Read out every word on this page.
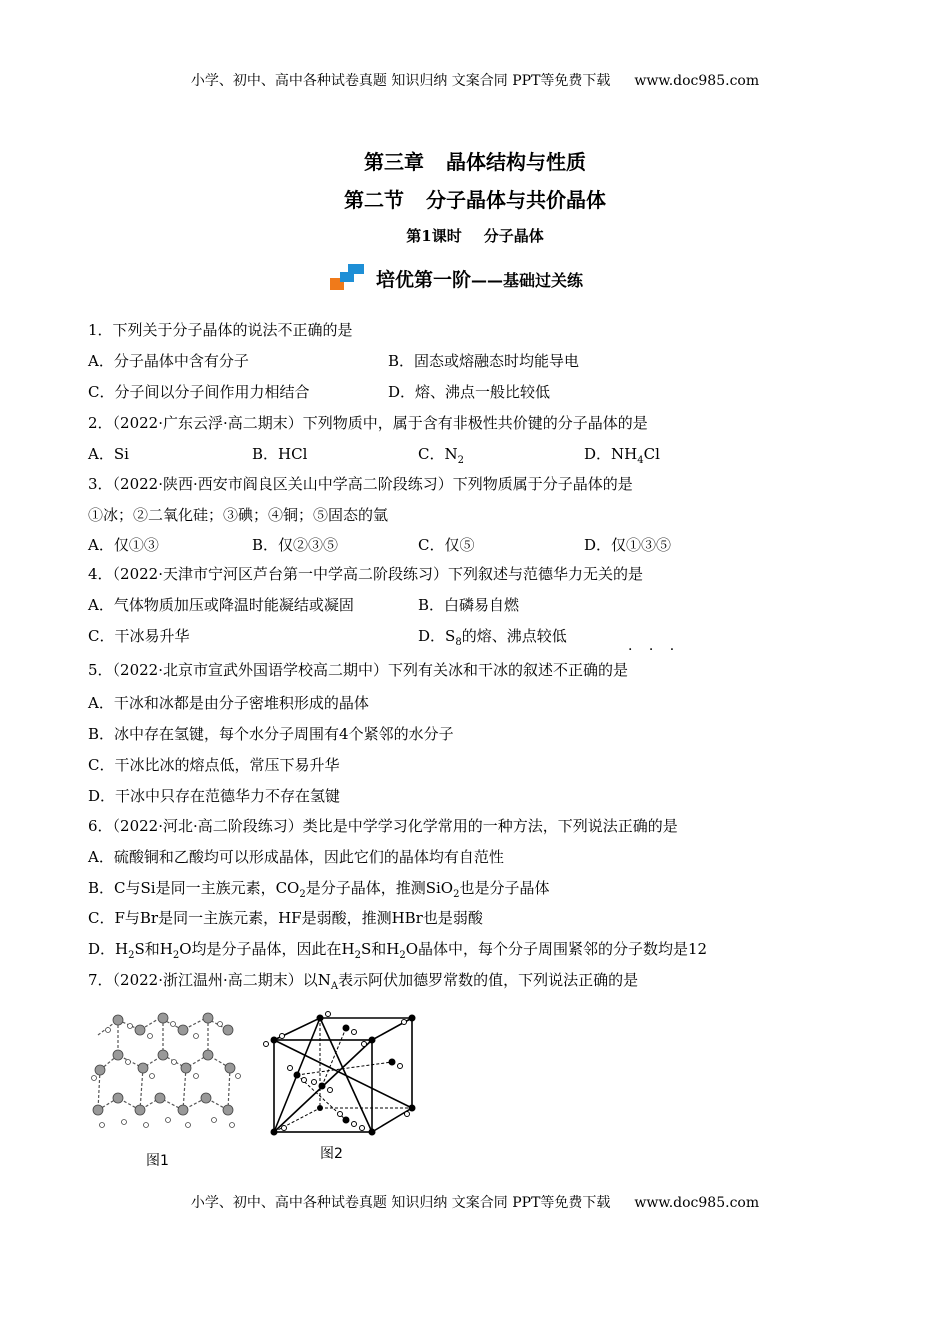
小学、初中、高中各种试卷真题 知识归纳 文案合同 PPT等免费下载 www.doc985.com
第三章 晶体结构与性质
第二节 分子晶体与共价晶体
第1课时 分子晶体
培优第一阶——基础过关练
1．下列关于分子晶体的说法不正确的是
A．分子晶体中含有分子	B．固态或熔融态时均能导电
C．分子间以分子间作用力相结合	D．熔、沸点一般比较低
2．（2022·广东云浮·高二期末）下列物质中，属于含有非极性共价键的分子晶体的是
A．Si	B．HCl	C．$N_2$	D．$NH_4Cl$
3．（2022·陕西·西安市阎良区关山中学高二阶段练习）下列物质属于分子晶体的是
①冰；②二氧化硅；③碘；④铜；⑤固态的氩
A．仅①③	B．仅②③⑤	C．仅⑤	D．仅①③⑤
4．（2022·天津市宁河区芦台第一中学高二阶段练习）下列叙述与范德华力无关的是
A．气体物质加压或降温时能凝结或凝固	B．白磷易自燃
C．干冰易升华	D．$S_8$的熔、沸点较低
· · ·
5．（2022·北京市宣武外国语学校高二期中）下列有关冰和干冰的叙述不正确的是
A．干冰和冰都是由分子密堆积形成的晶体
B．冰中存在氢键，每个水分子周围有4个紧邻的水分子
C．干冰比冰的熔点低，常压下易升华
D．干冰中只存在范德华力不存在氢键
6．（2022·河北·高二阶段练习）类比是中学学习化学常用的一种方法，下列说法正确的是
A．硫酸铜和乙酸均可以形成晶体，因此它们的晶体均有自范性
B．C与Si是同一主族元素，$CO_2$是分子晶体，推测SiO$_2$也是分子晶体
C．F与Br是同一主族元素，HF是弱酸，推测HBr也是弱酸
D．$H_2S$和$H_2O$均是分子晶体，因此在$H_2S$和$H_2O$晶体中，每个分子周围紧邻的分子数均是12
7．（2022·浙江温州·高二期末）以$N_A$表示阿伏加德罗常数的值，下列说法正确的是
图1	图2
小学、初中、高中各种试卷真题 知识归纳 文案合同 PPT等免费下载 www.doc985.com
